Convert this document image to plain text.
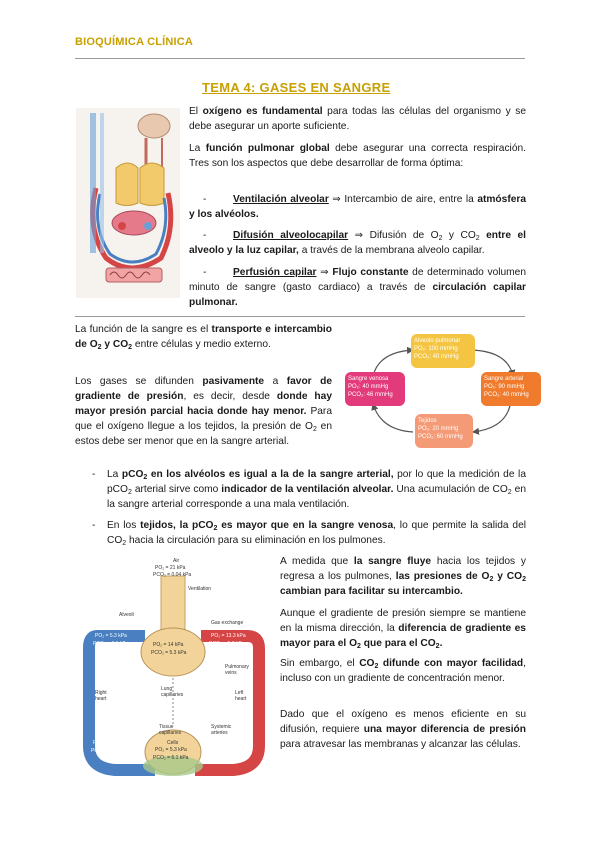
BIOQUÍMICA CLÍNICA
TEMA 4: GASES EN SANGRE

El oxígeno es fundamental para todas las células del organismo y se debe asegurar un aporte suficiente.

La función pulmonar global debe asegurar una correcta respiración. Tres son los aspectos que debe desarrollar de forma óptima:

-	Ventilación alveolar ⇒ Intercambio de aire, entre la atmósfera y los alvéolos.

-	Difusión alveolocapilar ⇒ Difusión de $O_2$ y $CO_2$ entre el alveolo y la luz capilar, a través de la membrana alveolo capilar.

-	Perfusión capilar ⇒ Flujo constante de determinado volumen minuto de sangre (gasto cardiaco) a través de circulación capilar pulmonar.

La función de la sangre es el transporte e intercambio de $O_2$ y $CO_2$ entre células y medio externo.

Los gases se difunden pasivamente a favor de gradiente de presión, es decir, desde donde hay mayor presión parcial hacia donde hay menor. Para que el oxígeno llegue a los tejidos, la presión de $O_2$ en estos debe ser menor que en la sangre arterial.

Alveolo pulmonar
PO₂: 100 mmHg
PCO₂: 40 mmHg
Sangre arterial
PO₂: 90 mmHg
PCO₂: 40 mmHg
Tejidos
PO₂: 20 mmHg
PCO₂: 60 mmHg
Sangre venosa
PO₂: 40 mmHg
PCO₂: 46 mmHg
- La pCO$_2$ en los alvéolos es igual a la de la sangre arterial, por lo que la medición de la pCO$_2$ arterial sirve como indicador de la ventilación alveolar. Una acumulación de $CO_2$ en la sangre arterial corresponde a una mala ventilación.

- En los tejidos, la pCO$_2$ es mayor que en la sangre venosa, lo que permite la salida del $CO_2$ hacia la circulación para su eliminación en los pulmones.

Air
PO₂ = 21 kPa
PCO₂ = 0.04 kPa
Ventilation
Alveoli
Gas exchange
PO₂ = 14 kPa
PCO₂ = 5.3 kPa
PO₂ = 5.3 kPa
PCO₂ = 6.1 kPa
PO₂ = 13.3 kPa
PCO₂ = 5.3 kPa
Pulmonary veins
Right heart
Left heart
Lung capillaries
Tissue capillaries
Systemic arteries
Cells
PO₂ = 5.3 kPa
PCO₂ = 6.1 kPa
PO₂ = 5.3 kPa
PCO₂ = 6.1 kPa
PO₂ = 13.3 kPa
PCO₂ = 5.3 kPa

A medida que la sangre fluye hacia los tejidos y regresa a los pulmones, las presiones de $O_2$ y $CO_2$ cambian para facilitar su intercambio.

Aunque el gradiente de presión siempre se mantiene en la misma dirección, la diferencia de gradiente es mayor para el $O_2$ que para el $CO_2$.

Sin embargo, el $CO_2$ difunde con mayor facilidad, incluso con un gradiente de concentración menor.

Dado que el oxígeno es menos eficiente en su difusión, requiere una mayor diferencia de presión para atravesar las membranas y alcanzar las células.
